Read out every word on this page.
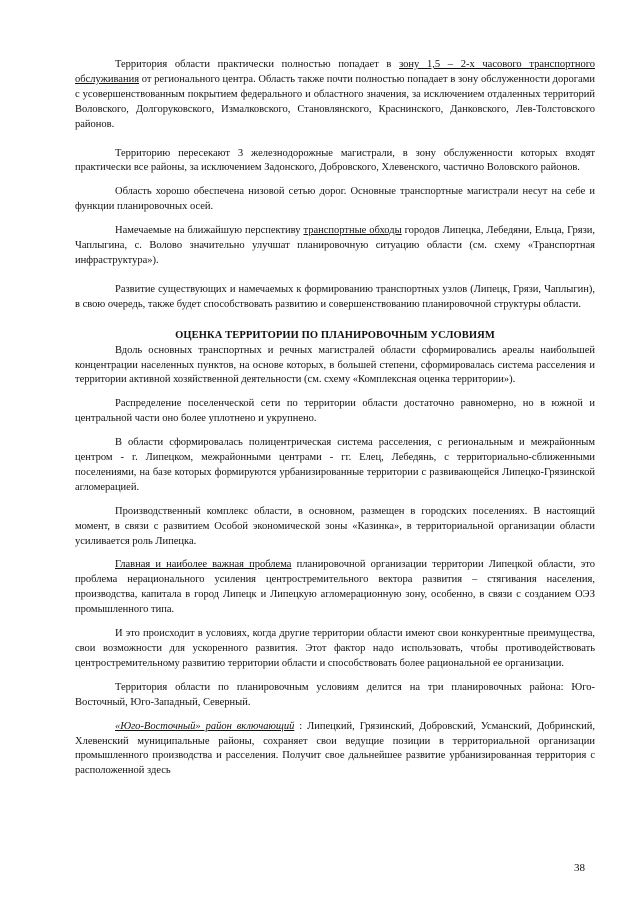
Территория области практически полностью попадает в зону 1,5 – 2-х часового транспортного обслуживания от регионального центра. Область также почти полностью попадает в зону обслуженности дорогами с усовершенствованным покрытием федерального и областного значения, за исключением отдаленных территорий Воловского, Долгоруковского, Измалковского, Становлянского, Краснинского, Данковского, Лев-Толстовского районов.

Территорию пересекают 3 железнодорожные магистрали, в зону обслуженности которых входят практически все районы, за исключением Задонского, Добровского, Хлевенского, частично Воловского районов.

Область хорошо обеспечена низовой сетью дорог. Основные транспортные магистрали несут на себе и функции планировочных осей.

Намечаемые на ближайшую перспективу транспортные обходы городов Липецка, Лебедяни, Ельца, Грязи, Чаплыгина, с. Волово значительно улучшат планировочную ситуацию области (см. схему «Транспортная инфраструктура»).

Развитие существующих и намечаемых к формированию транспортных узлов (Липецк, Грязи, Чаплыгин), в свою очередь, также будет способствовать развитию и совершенствованию планировочной структуры области.

ОЦЕНКА ТЕРРИТОРИИ ПО ПЛАНИРОВОЧНЫМ УСЛОВИЯМ

Вдоль основных транспортных и речных магистралей области сформировались ареалы наибольшей концентрации населенных пунктов, на основе которых, в большей степени, сформировалась система расселения и территории активной хозяйственной деятельности (см. схему «Комплексная оценка территории»).

Распределение поселенческой сети по территории области достаточно равномерно, но в южной и центральной части оно более уплотнено и укрупнено.

В области сформировалась полицентрическая система расселения, с региональным и межрайонным центром - г. Липецком, межрайонными центрами - гг. Елец, Лебедянь, с территориально-сближенными поселениями, на базе которых формируются урбанизированные территории с развивающейся Липецко-Грязинской агломерацией.

Производственный комплекс области, в основном, размещен в городских поселениях. В настоящий момент, в связи с развитием Особой экономической зоны «Казинка», в территориальной организации области усиливается роль Липецка.

Главная и наиболее важная проблема планировочной организации территории Липецкой области, это проблема нерационального усиления центростремительного вектора развития – стягивания населения, производства, капитала в город Липецк и Липецкую агломерационную зону, особенно, в связи с созданием ОЭЗ промышленного типа.

И это происходит в условиях, когда другие территории области имеют свои конкурентные преимущества, свои возможности для ускоренного развития. Этот фактор надо использовать, чтобы противодействовать центростремительному развитию территории области и способствовать более рациональной ее организации.

Территория области по планировочным условиям делится на три планировочных района: Юго-Восточный, Юго-Западный, Северный.

«Юго-Восточный» район включающий : Липецкий, Грязинский, Добровский, Усманский, Добринский, Хлевенский муниципальные районы, сохраняет свои ведущие позиции в территориальной организации промышленного производства и расселения. Получит свое дальнейшее развитие урбанизированная территория с расположенной здесь

38
